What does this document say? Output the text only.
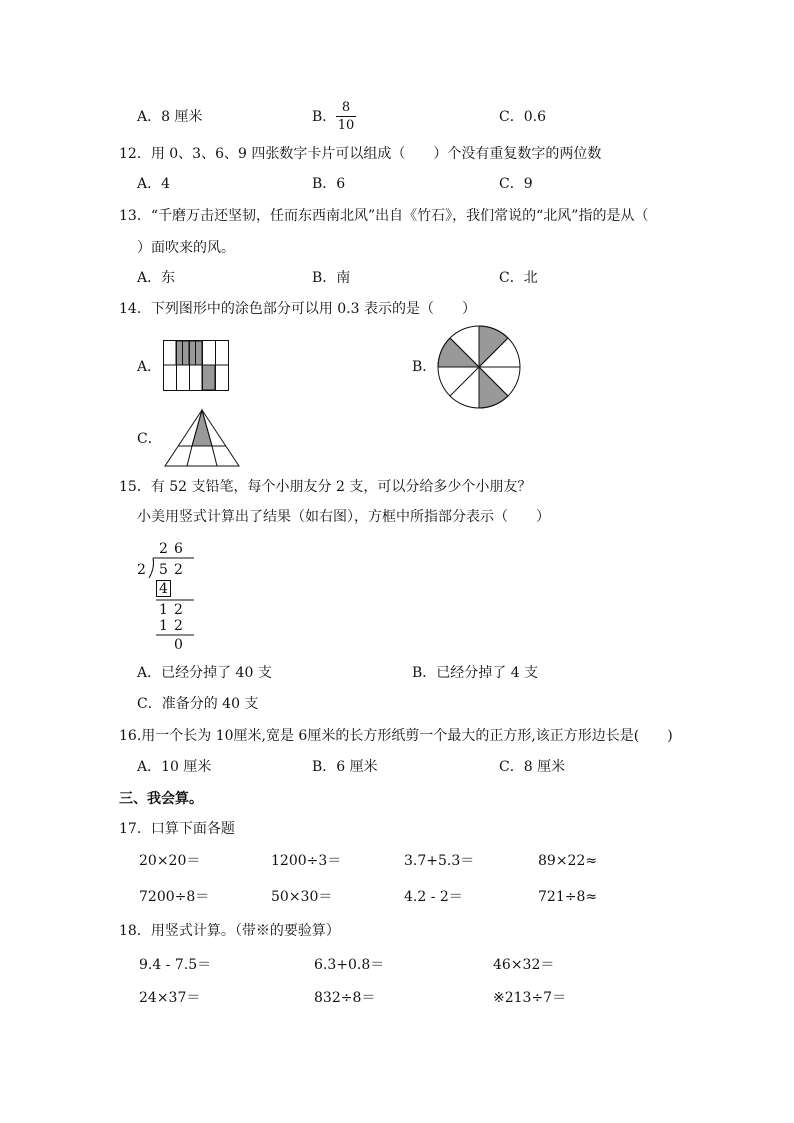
A．8 厘米	B．
8
10
C．0.6
12．用 0、3、6、9 四张数字卡片可以组成（　　）个没有重复数字的两位数
A．4	B．6	C．9
13．“千磨万击还坚韧，任而东西南北风”出自《竹石》，我们常说的“北风”指的是从（
）面吹来的风。
A．东	B．南	C．北
14．下列图形中的涂色部分可以用 0.3 表示的是（　　）
A．	B．
C．
15．有 52 支铅笔，每个小朋友分 2 支，可以分给多少个小朋友？
小美用竖式计算出了结果（如右图），方框中所指部分表示（　　）
2 6
2 5 2
4
1 2
1 2
0
A．已经分掉了 40 支	B．已经分掉了 4 支
C．准备分的 40 支
16.用一个长为 10厘米,宽是 6厘米的长方形纸剪一个最大的正方形,该正方形边长是(　　)
A．10 厘米	B．6 厘米	C．8 厘米
三、我会算。
17．口算下面各题
20×20＝	1200÷3＝	3.7+5.3＝	89×22≈
7200÷8＝	50×30＝	4.2 - 2＝	721÷8≈
18．用竖式计算。（带※的要验算）
9.4 - 7.5＝	6.3+0.8＝	46×32＝
24×37＝	832÷8＝	※213÷7＝
